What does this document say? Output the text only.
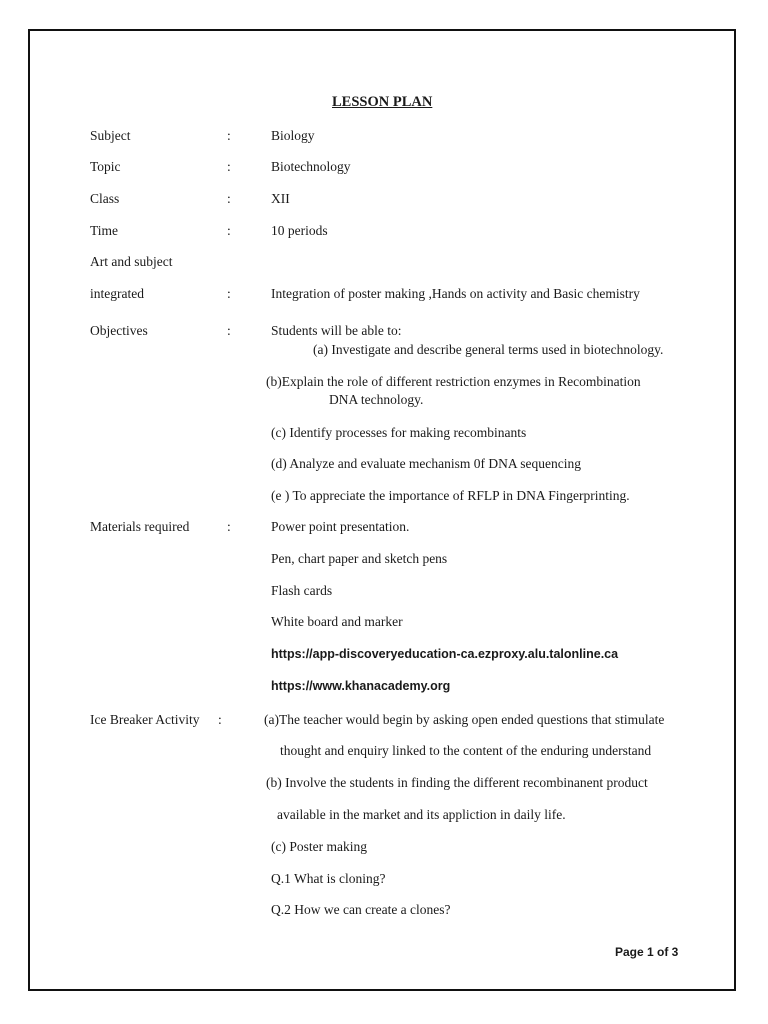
LESSON PLAN
Subject	:	Biology
Topic	:	Biotechnology
Class	:	XII
Time	:	10 periods
Art and subject
integrated	:	Integration of poster making ,Hands on activity and Basic chemistry
Objectives	:	Students will be able to:
(a) Investigate and describe general terms used in biotechnology.
(b)Explain the role of different restriction enzymes in Recombination
DNA technology.
(c) Identify processes for making recombinants
(d) Analyze and evaluate mechanism 0f DNA sequencing
(e ) To appreciate the importance of RFLP in DNA Fingerprinting.
Materials required	:	Power point presentation.
Pen, chart paper and sketch pens
Flash cards
White board and marker
https://app-discoveryeducation-ca.ezproxy.alu.talonline.ca
https://www.khanacademy.org
Ice Breaker Activity :	(a)The teacher would begin by asking open ended questions that stimulate
thought and enquiry linked to the content of the enduring understand
(b) Involve the students in finding the different recombinanent product
available in the market and its appliction in daily life.
(c) Poster making
Q.1 What is cloning?
Q.2 How we can create a clones?
Page 1 of 3
